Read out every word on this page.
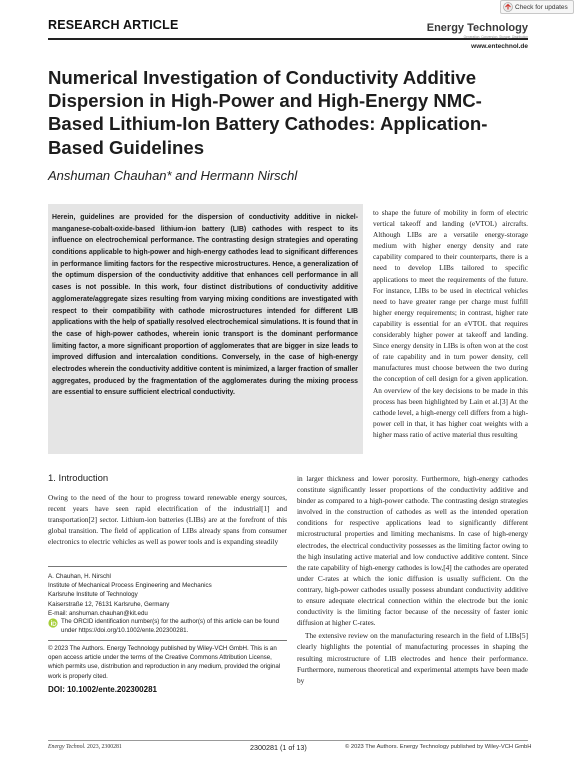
RESEARCH ARTICLE	Energy Technology
Generation, Conversion, Storage, Distribution
www.entechnol.de
Check for updates
Numerical Investigation of Conductivity Additive Dispersion in High-Power and High-Energy NMC-Based Lithium-Ion Battery Cathodes: Application-Based Guidelines
Anshuman Chauhan* and Hermann Nirschl
Herein, guidelines are provided for the dispersion of conductivity additive in nickel-manganese-cobalt-oxide-based lithium-ion battery (LIB) cathodes with respect to its influence on electrochemical performance. The contrasting design strategies and operating conditions applicable to high-power and high-energy cathodes lead to significant differences in performance limiting factors for the respective microstructures. Hence, a generalization of the optimum dispersion of the conductivity additive that enhances cell performance in all cases is not possible. In this work, four distinct distributions of conductivity additive agglomerate/aggregate sizes resulting from varying mixing conditions are investigated with respect to their compatibility with cathode microstructures intended for different LIB applications with the help of spatially resolved electrochemical simulations. It is found that in the case of high-power cathodes, wherein ionic transport is the dominant performance limiting factor, a more significant proportion of agglomerates that are bigger in size leads to improved diffusion and intercalation conditions. Conversely, in the case of high-energy electrodes wherein the conductivity additive content is minimized, a larger fraction of smaller aggregates, produced by the fragmentation of the agglomerates during the mixing process are essential to ensure sufficient electrical conductivity.
to shape the future of mobility in form of electric vertical takeoff and landing (eVTOL) aircrafts. Although LIBs are a versatile energy-storage medium with higher energy density and rate capability compared to their counterparts, there is a need to develop LIBs tailored to specific applications to meet the requirements of the future. For instance, LIBs to be used in electrical vehicles need to have greater range per charge must fulfill higher energy requirements; in contrast, higher rate capability is essential for an eVTOL that requires considerably higher power at takeoff and landing. Since energy density in LIBs is often won at the cost of rate capability and in turn power density, cell manufactures must choose between the two during the conception of cell design for a given application. An overview of the key decisions to be made in this process has been highlighted by Lain et al.[3] At the cathode level, a high-energy cell differs from a high-power cell in that, it has higher coat weights with a higher mass ratio of active material thus resulting
1. Introduction
Owing to the need of the hour to progress toward renewable energy sources, recent years have seen rapid electrification of the industrial[1] and transportation[2] sector. Lithium-ion batteries (LIBs) are at the forefront of this global transition. The field of application of LIBs already spans from consumer electronics to electric vehicles as well as power tools and is expanding steadily

in larger thickness and lower porosity. Furthermore, high-energy cathodes constitute significantly lesser proportions of the conductivity additive and binder as compared to a high-power cathode. The contrasting design strategies involved in the construction of cathodes as well as the intended operation conditions for respective applications lead to significantly different microstructural properties and limiting mechanisms. In case of high-energy electrodes, the electrical conductivity possesses as the limiting factor owing to the high insulating active material and low conductive additive content. Since the rate capability of high-energy cathodes is low,[4] the cathodes are operated under C-rates at which the ionic diffusion is usually sufficient. On the contrary, high-power cathodes usually possess abundant conductivity additive to ensure adequate electrical connection within the electrode but the ionic conductivity is the limiting factor because of the necessity of faster ionic diffusion at higher C-rates.

The extensive review on the manufacturing research in the field of LIBs[5] clearly highlights the potential of manufacturing processes in shaping the resulting microstructure of LIB electrodes and hence their performance. Furthermore, numerous theoretical and experimental attempts have been made by

A. Chauhan, H. Nirschl
Institute of Mechanical Process Engineering and Mechanics
Karlsruhe Institute of Technology
Kaiserstraße 12, 76131 Karlsruhe, Germany
E-mail: anshuman.chauhan@kit.edu
The ORCID identification number(s) for the author(s) of this article can be found under https://doi.org/10.1002/ente.202300281.
© 2023 The Authors. Energy Technology published by Wiley-VCH GmbH. This is an open access article under the terms of the Creative Commons Attribution License, which permits use, distribution and reproduction in any medium, provided the original work is properly cited.
DOI: 10.1002/ente.202300281
Energy Technol. 2023, 2300281	2300281 (1 of 13)	© 2023 The Authors. Energy Technology published by Wiley-VCH GmbH
